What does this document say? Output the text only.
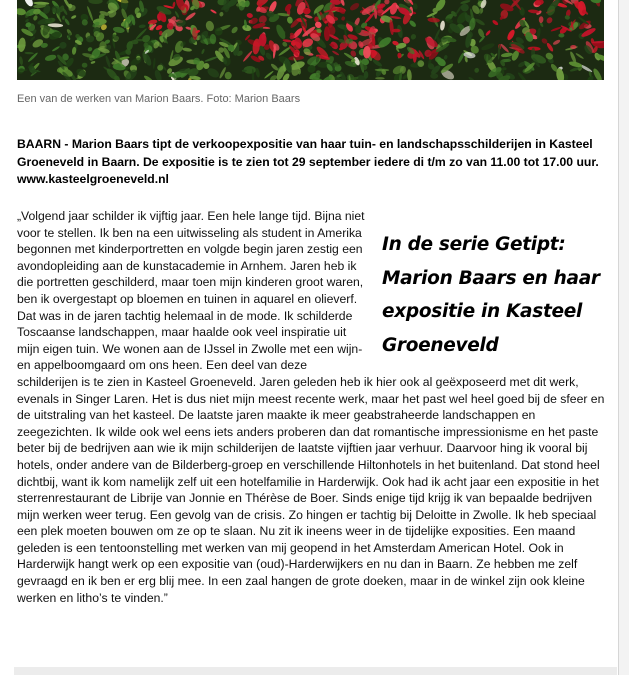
Een van de werken van Marion Baars. Foto: Marion Baars
BAARN - Marion Baars tipt de verkoopexpositie van haar tuin- en landschapsschilderijen in Kasteel Groeneveld in Baarn. De expositie is te zien tot 29 september iedere di t/m zo van 11.00 tot 17.00 uur. www.kasteelgroeneveld.nl
In de serie Getipt: Marion Baars en haar expositie in Kasteel Groeneveld
„Volgend jaar schilder ik vijftig jaar. Een hele lange tijd. Bijna niet voor te stellen. Ik ben na een uitwisseling als student in Amerika begonnen met kinderportretten en volgde begin jaren zestig een avondopleiding aan de kunstacademie in Arnhem. Jaren heb ik die portretten geschilderd, maar toen mijn kinderen groot waren, ben ik overgestapt op bloemen en tuinen in aquarel en olieverf. Dat was in de jaren tachtig helemaal in de mode. Ik schilderde Toscaanse landschappen, maar haalde ook veel inspiratie uit mijn eigen tuin. We wonen aan de IJssel in Zwolle met een wijn- en appelboomgaard om ons heen. Een deel van deze schilderijen is te zien in Kasteel Groeneveld. Jaren geleden heb ik hier ook al geëxposeerd met dit werk, evenals in Singer Laren. Het is dus niet mijn meest recente werk, maar het past wel heel goed bij de sfeer en de uitstraling van het kasteel. De laatste jaren maakte ik meer geabstraheerde landschappen en zeegezichten. Ik wilde ook wel eens iets anders proberen dan dat romantische impressionisme en het paste beter bij de bedrijven aan wie ik mijn schilderijen de laatste vijftien jaar verhuur. Daarvoor hing ik vooral bij hotels, onder andere van de Bilderberg-groep en verschillende Hiltonhotels in het buitenland. Dat stond heel dichtbij, want ik kom namelijk zelf uit een hotelfamilie in Harderwijk. Ook had ik acht jaar een expositie in het sterrenrestaurant de Librije van Jonnie en Thérèse de Boer. Sinds enige tijd krijg ik van bepaalde bedrijven mijn werken weer terug. Een gevolg van de crisis. Zo hingen er tachtig bij Deloitte in Zwolle. Ik heb speciaal een plek moeten bouwen om ze op te slaan. Nu zit ik ineens weer in de tijdelijke exposities. Een maand geleden is een tentoonstelling met werken van mij geopend in het Amsterdam American Hotel. Ook in Harderwijk hangt werk op een expositie van (oud)-Harderwijkers en nu dan in Baarn. Ze hebben me zelf gevraagd en ik ben er erg blij mee. In een zaal hangen de grote doeken, maar in de winkel zijn ook kleine werken en litho’s te vinden.”
